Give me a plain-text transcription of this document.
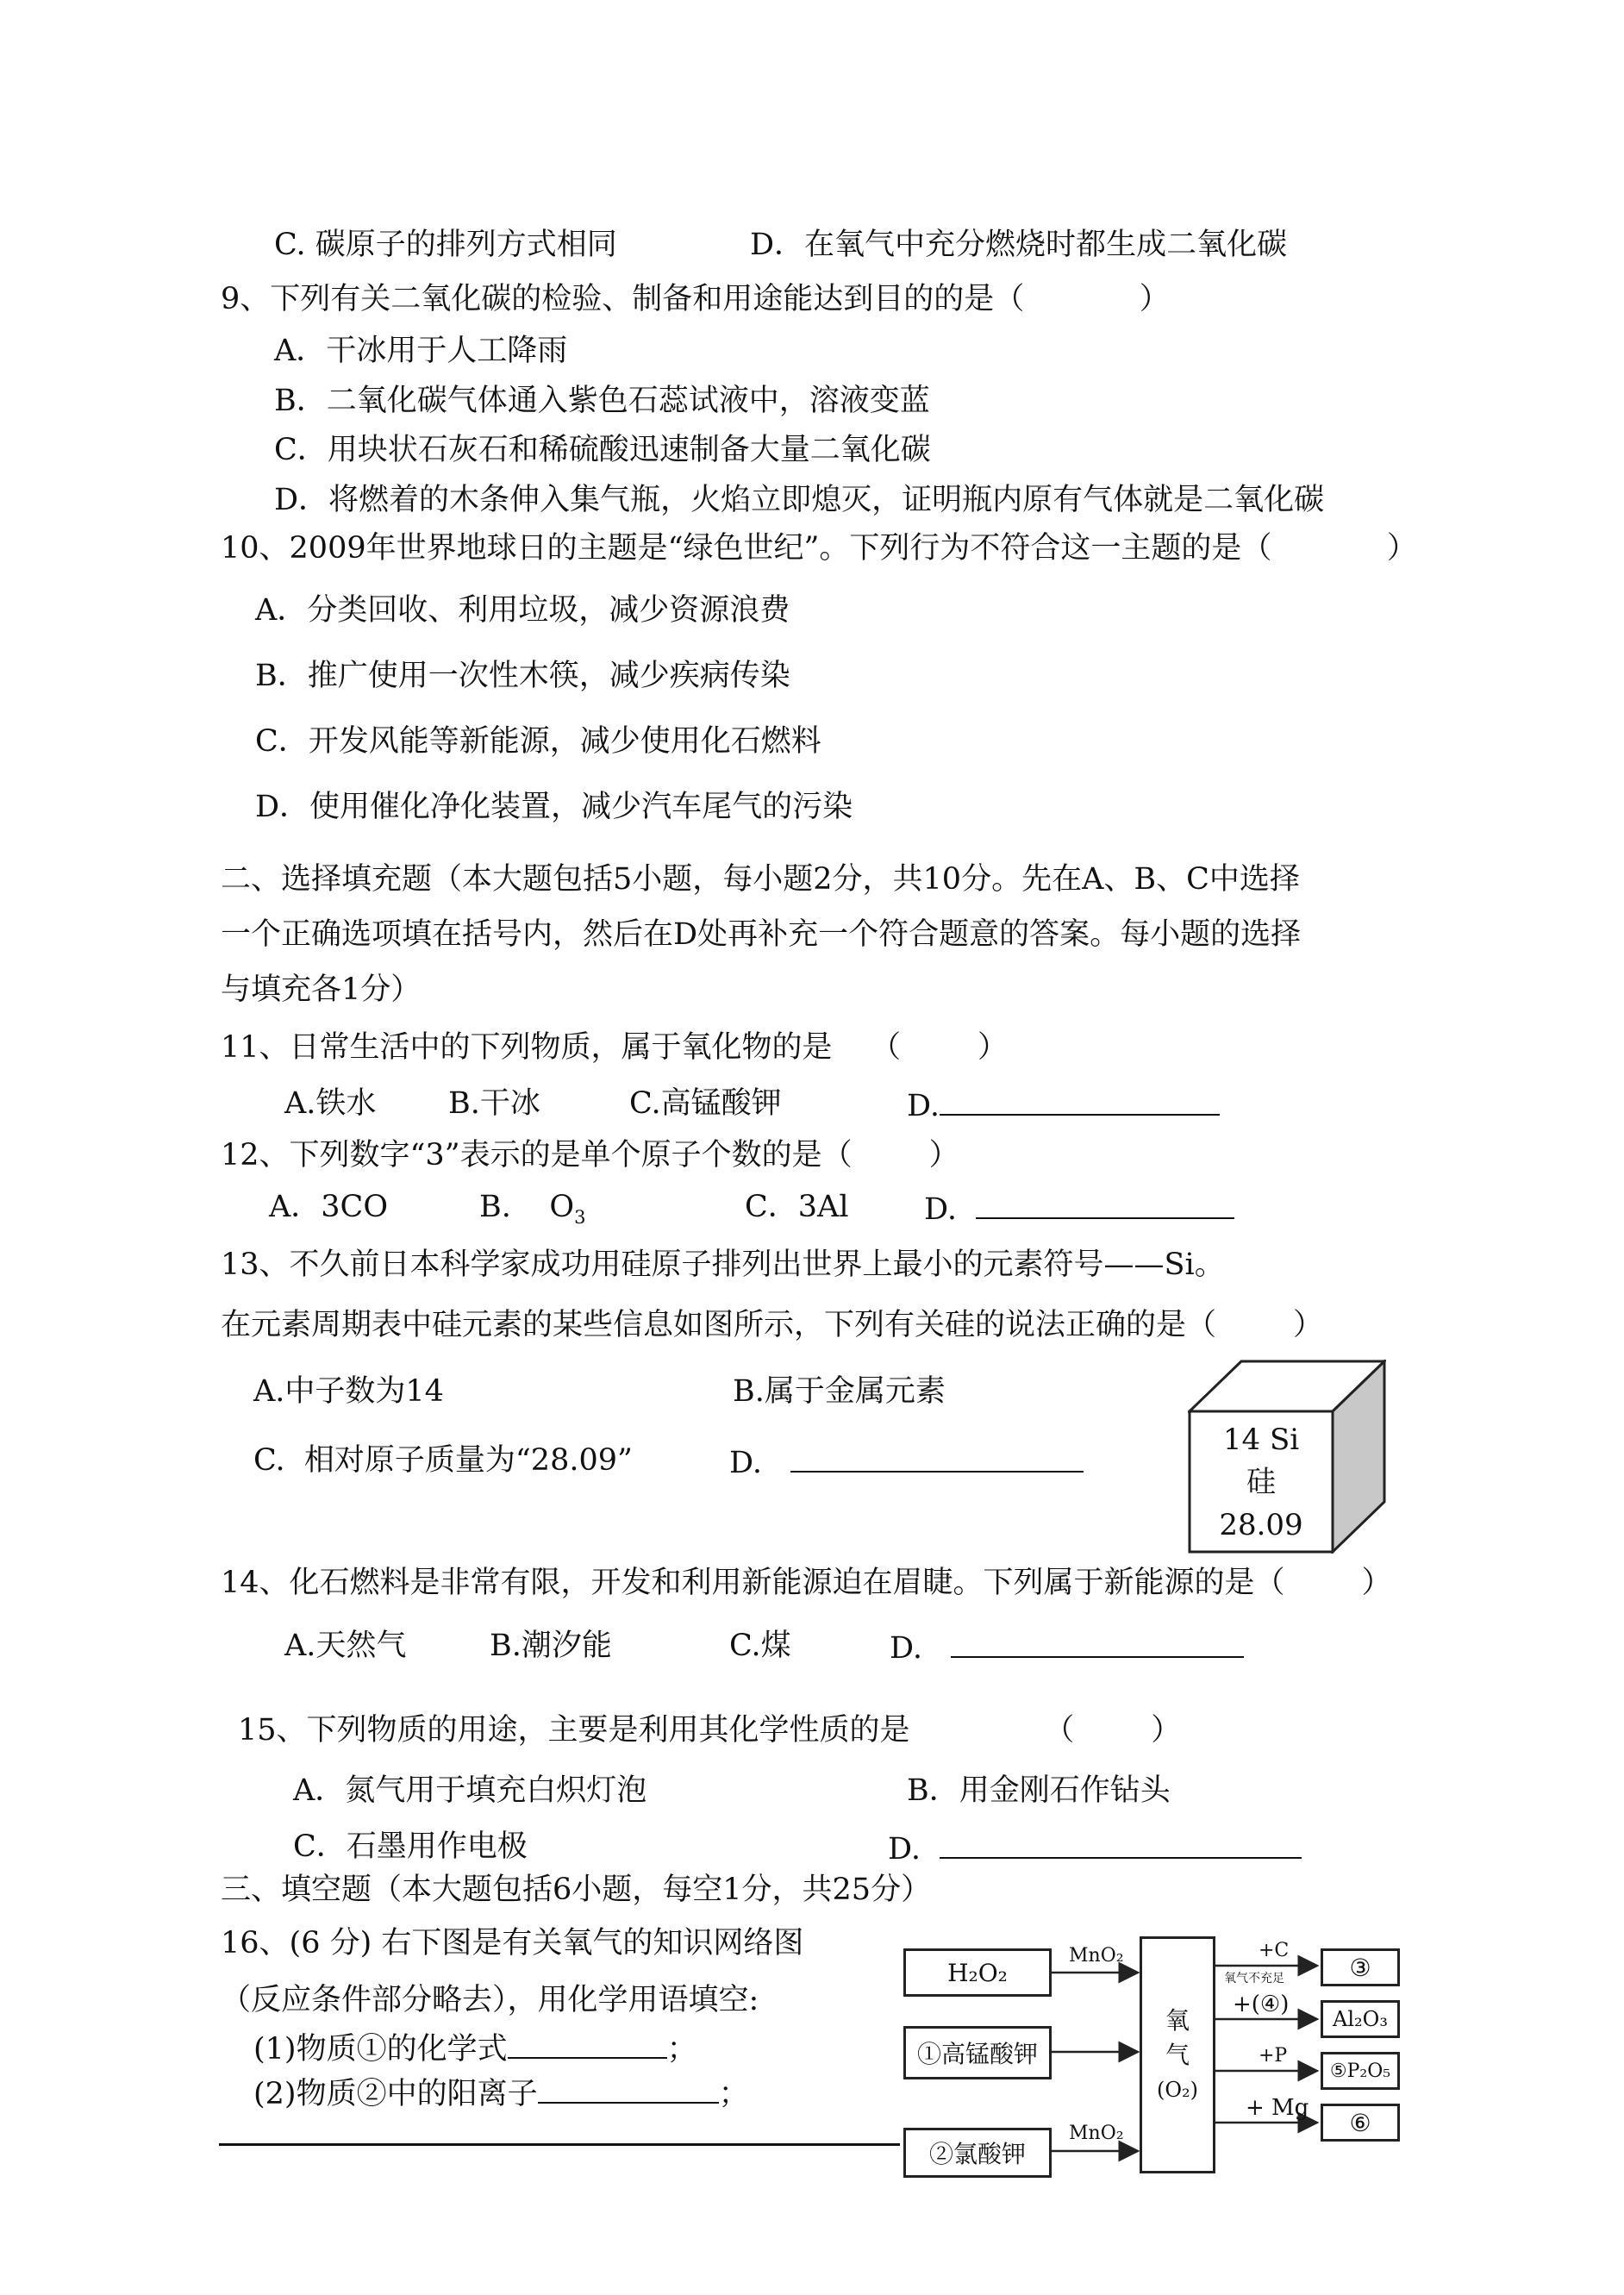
C. 碳原子的排列方式相同	D．在氧气中充分燃烧时都生成二氧化碳
9、下列有关二氧化碳的检验、制备和用途能达到目的的是（            ）
A．干冰用于人工降雨
B．二氧化碳气体通入紫色石蕊试液中，溶液变蓝
C．用块状石灰石和稀硫酸迅速制备大量二氧化碳
D．将燃着的木条伸入集气瓶，火焰立即熄灭，证明瓶内原有气体就是二氧化碳
10、2009年世界地球日的主题是“绿色世纪”。下列行为不符合这一主题的是（            ）
A．分类回收、利用垃圾，减少资源浪费
B．推广使用一次性木筷，减少疾病传染
C．开发风能等新能源，减少使用化石燃料
D．使用催化净化装置，减少汽车尾气的污染
二、选择填充题（本大题包括5小题，每小题2分，共10分。先在A、B、C中选择
一个正确选项填在括号内，然后在D处再补充一个符合题意的答案。每小题的选择
与填充各1分）
11、日常生活中的下列物质，属于氧化物的是    （        ）
A.铁水 B.干冰	C.高锰酸钾	D.
12、下列数字“3”表示的是单个原子个数的是（        ）
A．3CO	B. $O_3$	C．3Al D.
13、不久前日本科学家成功用硅原子排列出世界上最小的元素符号——Si。
在元素周期表中硅元素的某些信息如图所示，下列有关硅的说法正确的是（        ）
A.中子数为14	B.属于金属元素
C.  相对原子质量为“28.09”	D.
14 Si
硅
28.09
14、化石燃料是非常有限，开发和利用新能源迫在眉睫。下列属于新能源的是（        ）
A.天然气	B.潮汐能	C.煤	D.
15、下列物质的用途，主要是利用其化学性质的是              （        ）
A．氮气用于填充白炽灯泡	B．用金刚石作钻头
C．石墨用作电极	D.
三、填空题（本大题包括6小题，每空1分，共25分）
16、(6 分) 右下图是有关氧气的知识网络图
（反应条件部分略去），用化学用语填空:
(1)物质①的化学式	；
(2)物质②中的阳离子	；
H₂O₂
①高锰酸钾
②氯酸钾
氧
气
(O₂)
MnO₂
MnO₂
+C
氧气不充足
+(④)
+P
+ Mg
③
Al₂O₃
⑤P₂O₅
⑥
